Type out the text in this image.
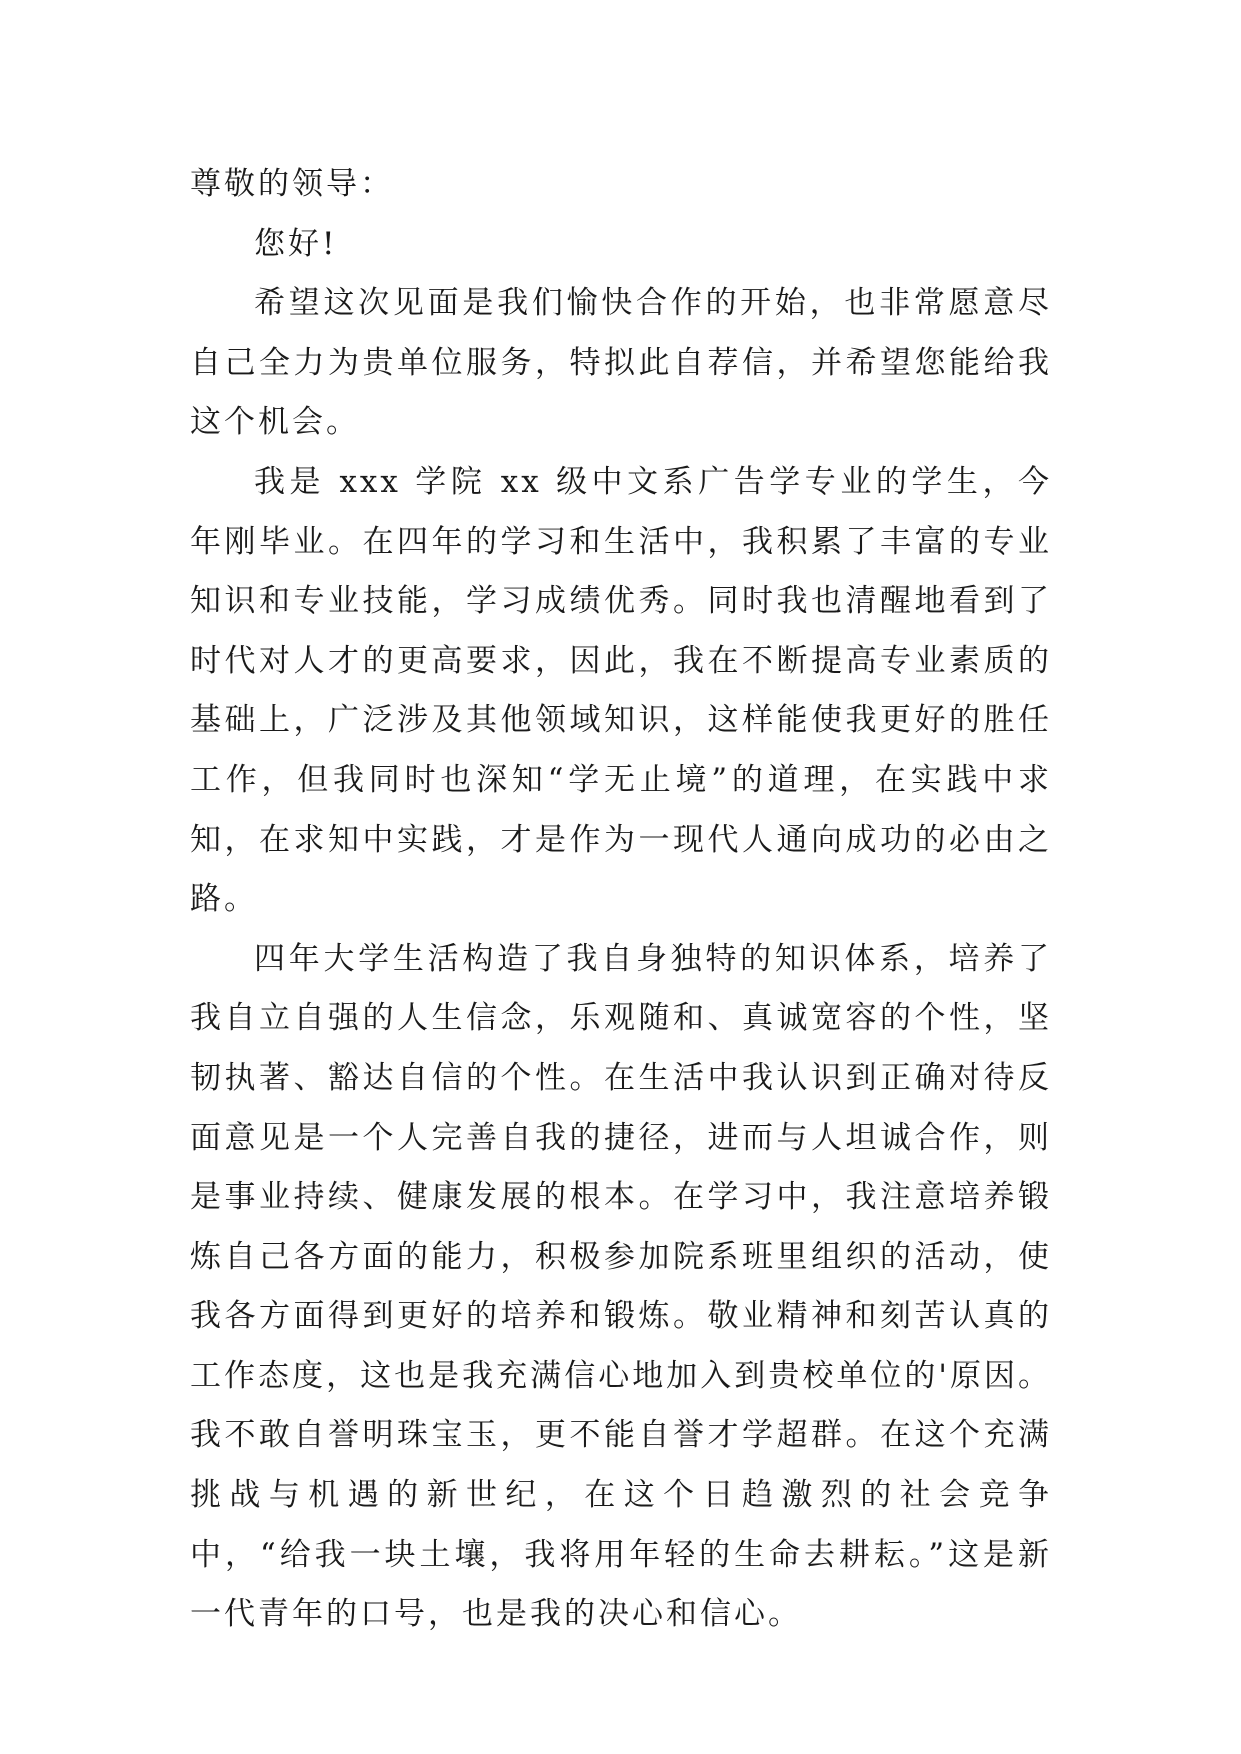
尊敬的领导：

您好!

希望这次见面是我们愉快合作的开始，也非常愿意尽自己全力为贵单位服务，特拟此自荐信，并希望您能给我这个机会。

我是 xxx 学院 xx 级中文系广告学专业的学生，今年刚毕业。在四年的学习和生活中，我积累了丰富的专业知识和专业技能，学习成绩优秀。同时我也清醒地看到了时代对人才的更高要求，因此，我在不断提高专业素质的基础上，广泛涉及其他领域知识，这样能使我更好的胜任工作，但我同时也深知“学无止境”的道理，在实践中求知，在求知中实践，才是作为一现代人通向成功的必由之路。

四年大学生活构造了我自身独特的知识体系，培养了我自立自强的人生信念，乐观随和、真诚宽容的个性，坚韧执著、豁达自信的个性。在生活中我认识到正确对待反面意见是一个人完善自我的捷径，进而与人坦诚合作，则是事业持续、健康发展的根本。在学习中，我注意培养锻炼自己各方面的能力，积极参加院系班里组织的活动，使我各方面得到更好的培养和锻炼。敬业精神和刻苦认真的工作态度，这也是我充满信心地加入到贵校单位的'原因。我不敢自誉明珠宝玉，更不能自誉才学超群。在这个充满挑战与机遇的新世纪，在这个日趋激烈的社会竞争中，“给我一块土壤，我将用年轻的生命去耕耘。”这是新一代青年的口号，也是我的决心和信心。
